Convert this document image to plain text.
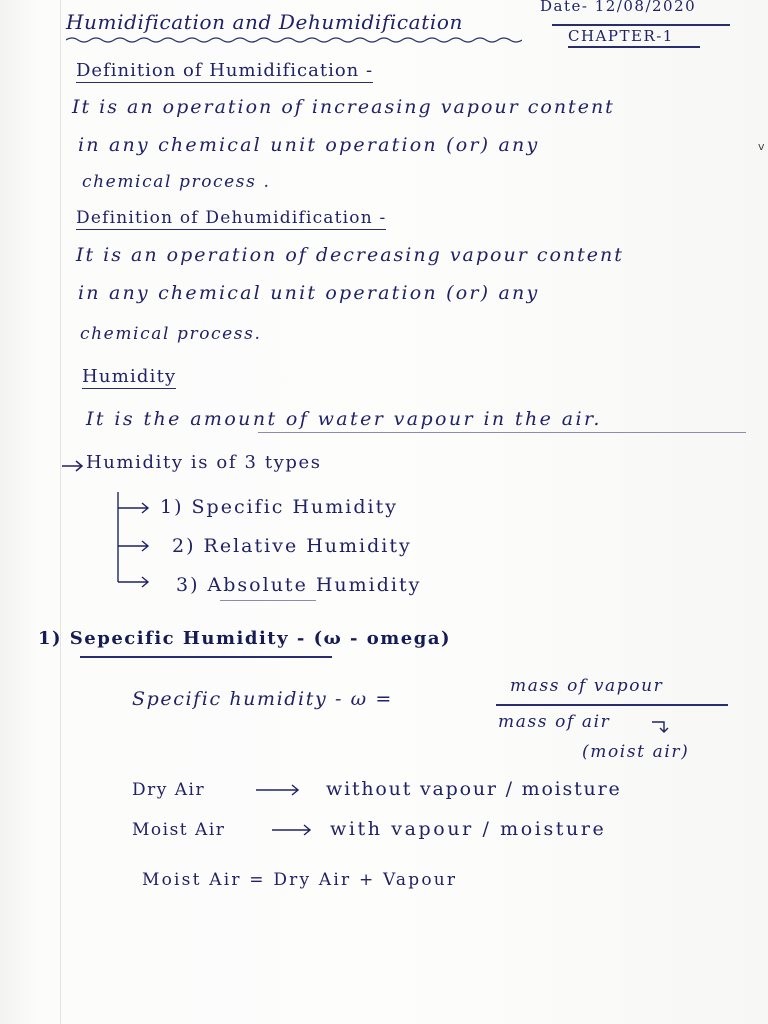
Humidification and Dehumidification
Date- 12/08/2020
CHAPTER-1
Definition of Humidification -
It is an operation of increasing vapour content
in any chemical unit operation (or) any
chemical process .
v
Definition of Dehumidification -
It is an operation of decreasing vapour content
in any chemical unit operation (or) any
chemical process.
Humidity
It is the amount of water vapour in the air.
Humidity is of 3 types
1) Specific Humidity
2) Relative Humidity
3) Absolute Humidity
1) Sepecific Humidity - (ω - omega)
Specific humidity - ω =
mass of vapour
mass of air
(moist air)
Dry Air	without vapour / moisture
Moist Air	with vapour / moisture
Moist Air = Dry Air + Vapour
